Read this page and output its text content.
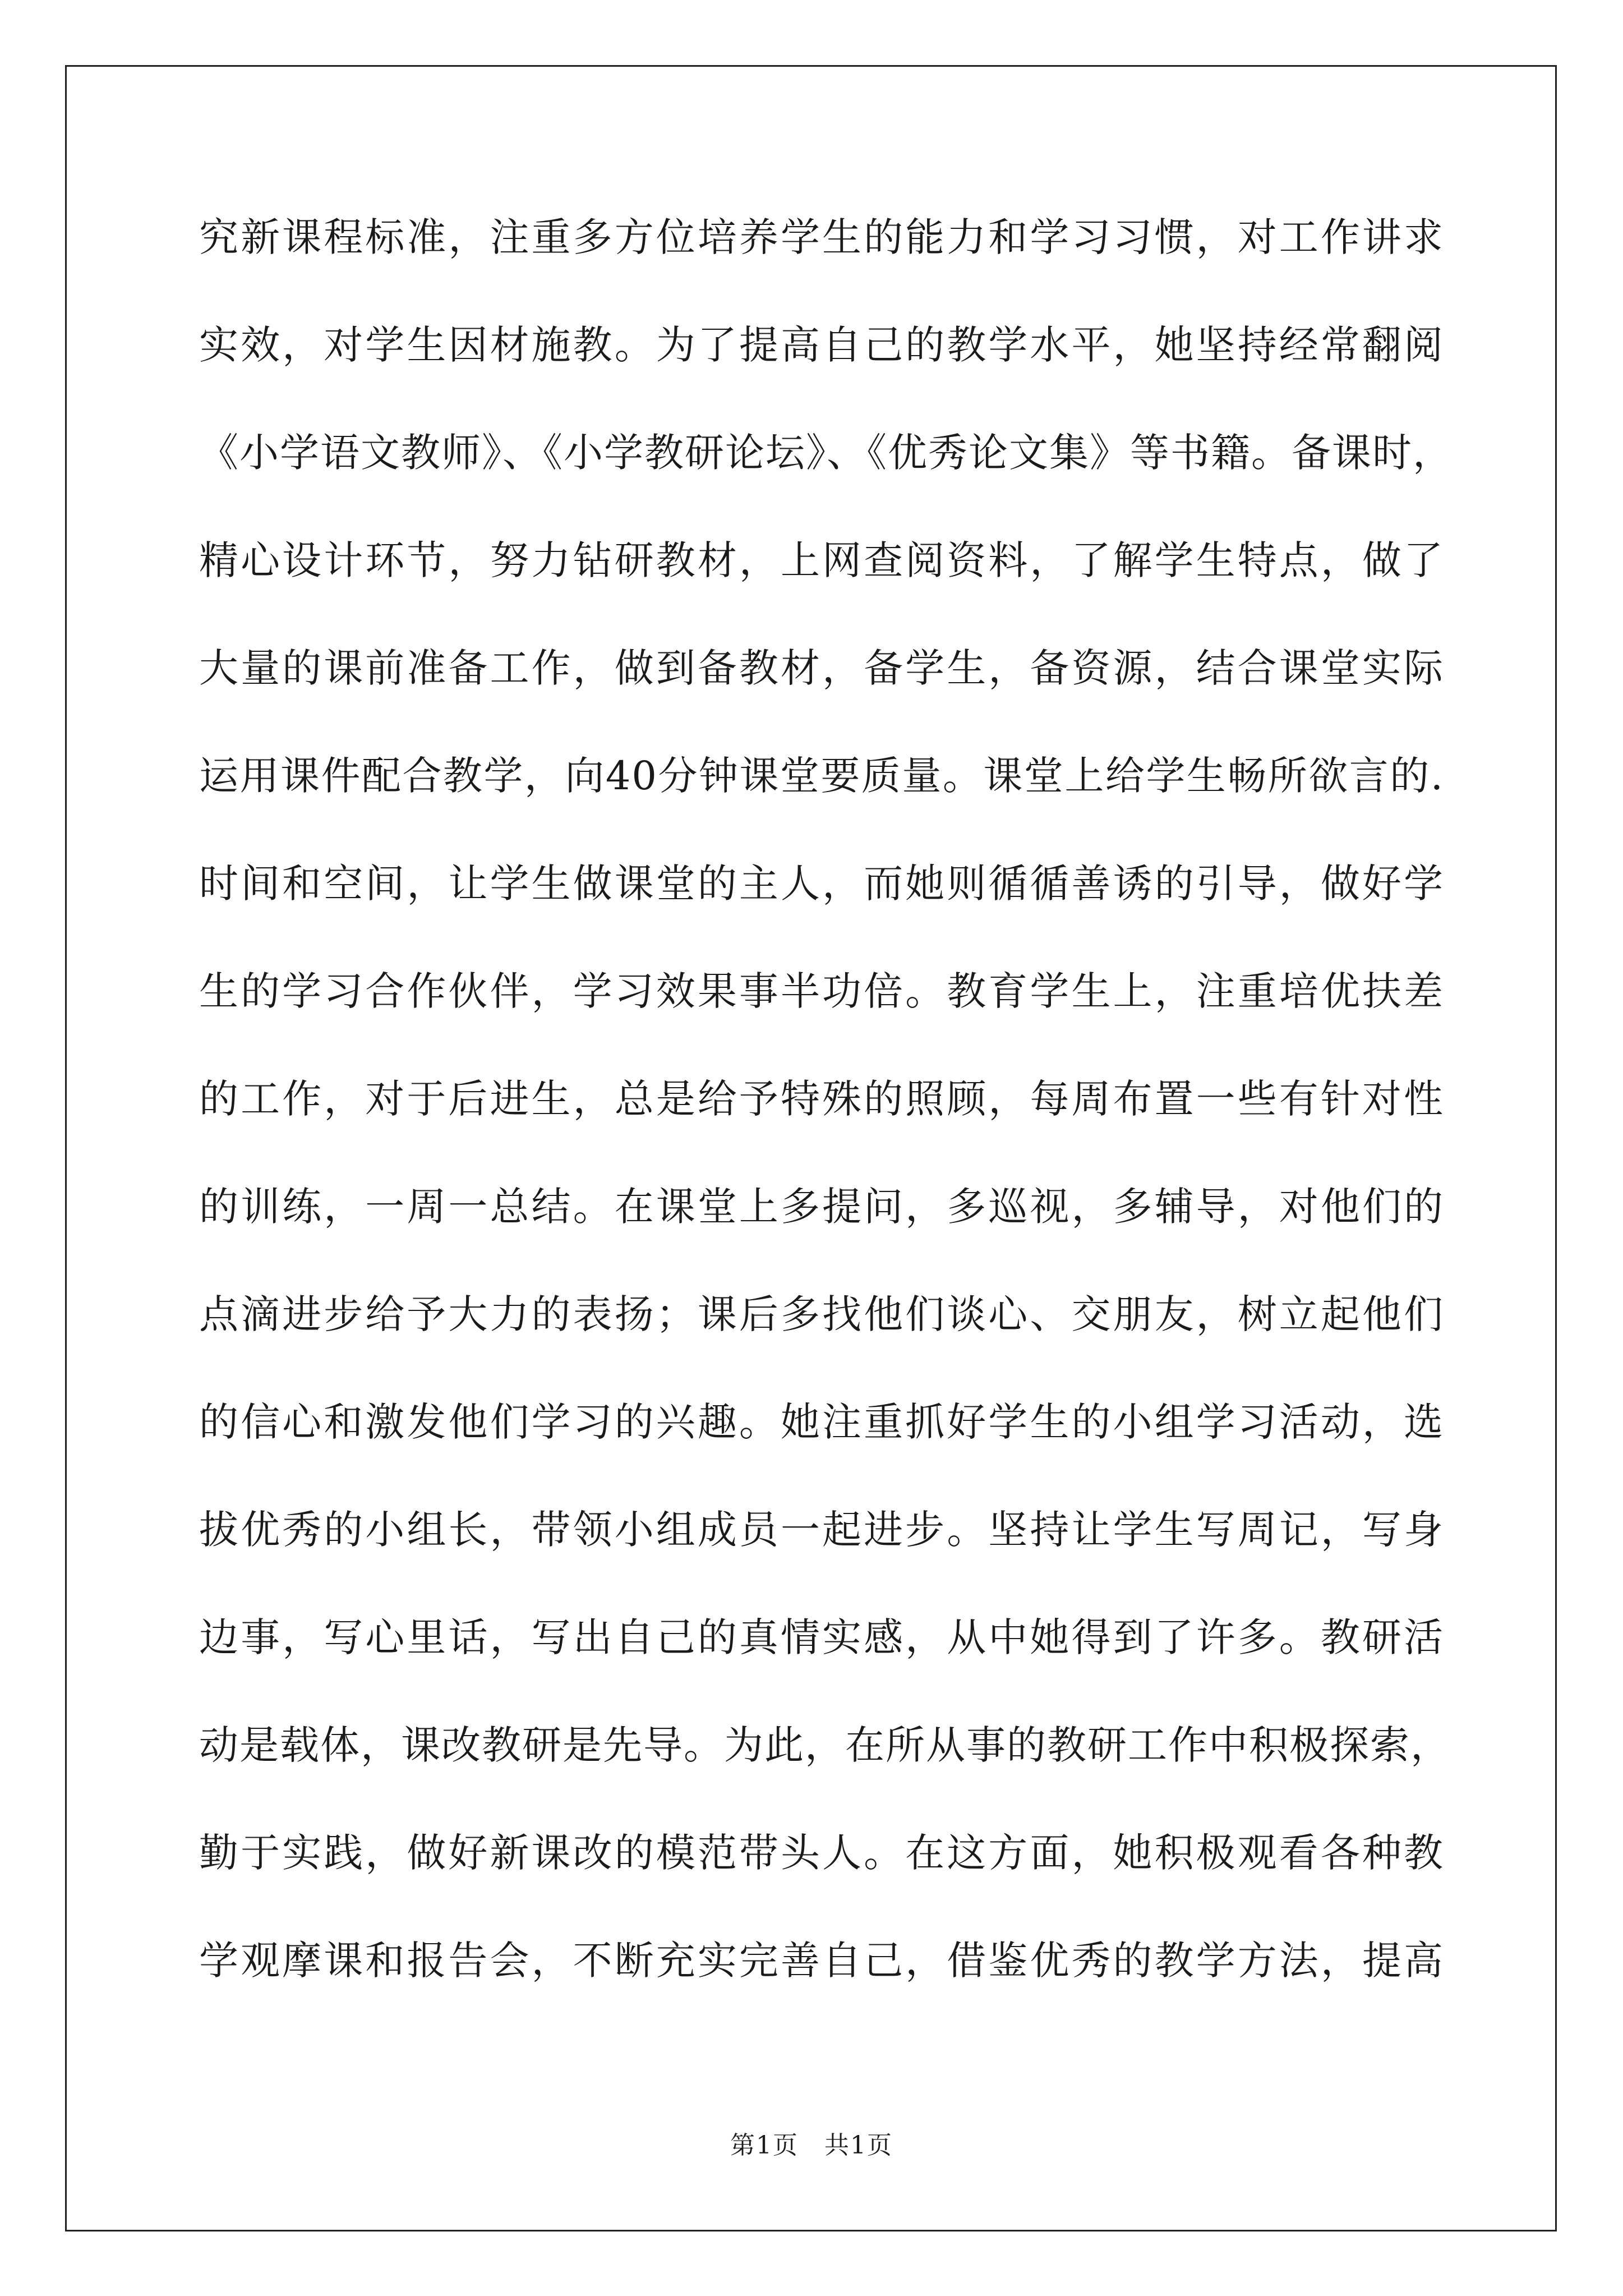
究新课程标准，注重多方位培养学生的能力和学习习惯，对工作讲求
实效，对学生因材施教。为了提高自己的教学水平，她坚持经常翻阅
《小学语文教师》、《小学教研论坛》、《优秀论文集》等书籍。备课时，
精心设计环节，努力钻研教材，上网查阅资料，了解学生特点，做了
大量的课前准备工作，做到备教材，备学生，备资源，结合课堂实际
运用课件配合教学，向40分钟课堂要质量。课堂上给学生畅所欲言的.
时间和空间，让学生做课堂的主人，而她则循循善诱的引导，做好学
生的学习合作伙伴，学习效果事半功倍。教育学生上，注重培优扶差
的工作，对于后进生，总是给予特殊的照顾，每周布置一些有针对性
的训练，一周一总结。在课堂上多提问，多巡视，多辅导，对他们的
点滴进步给予大力的表扬；课后多找他们谈心、交朋友，树立起他们
的信心和激发他们学习的兴趣。她注重抓好学生的小组学习活动，选
拔优秀的小组长，带领小组成员一起进步。坚持让学生写周记，写身
边事，写心里话，写出自己的真情实感，从中她得到了许多。教研活
动是载体，课改教研是先导。为此，在所从事的教研工作中积极探索，
勤于实践，做好新课改的模范带头人。在这方面，她积极观看各种教
学观摩课和报告会，不断充实完善自己，借鉴优秀的教学方法，提高
第1页　共1页
